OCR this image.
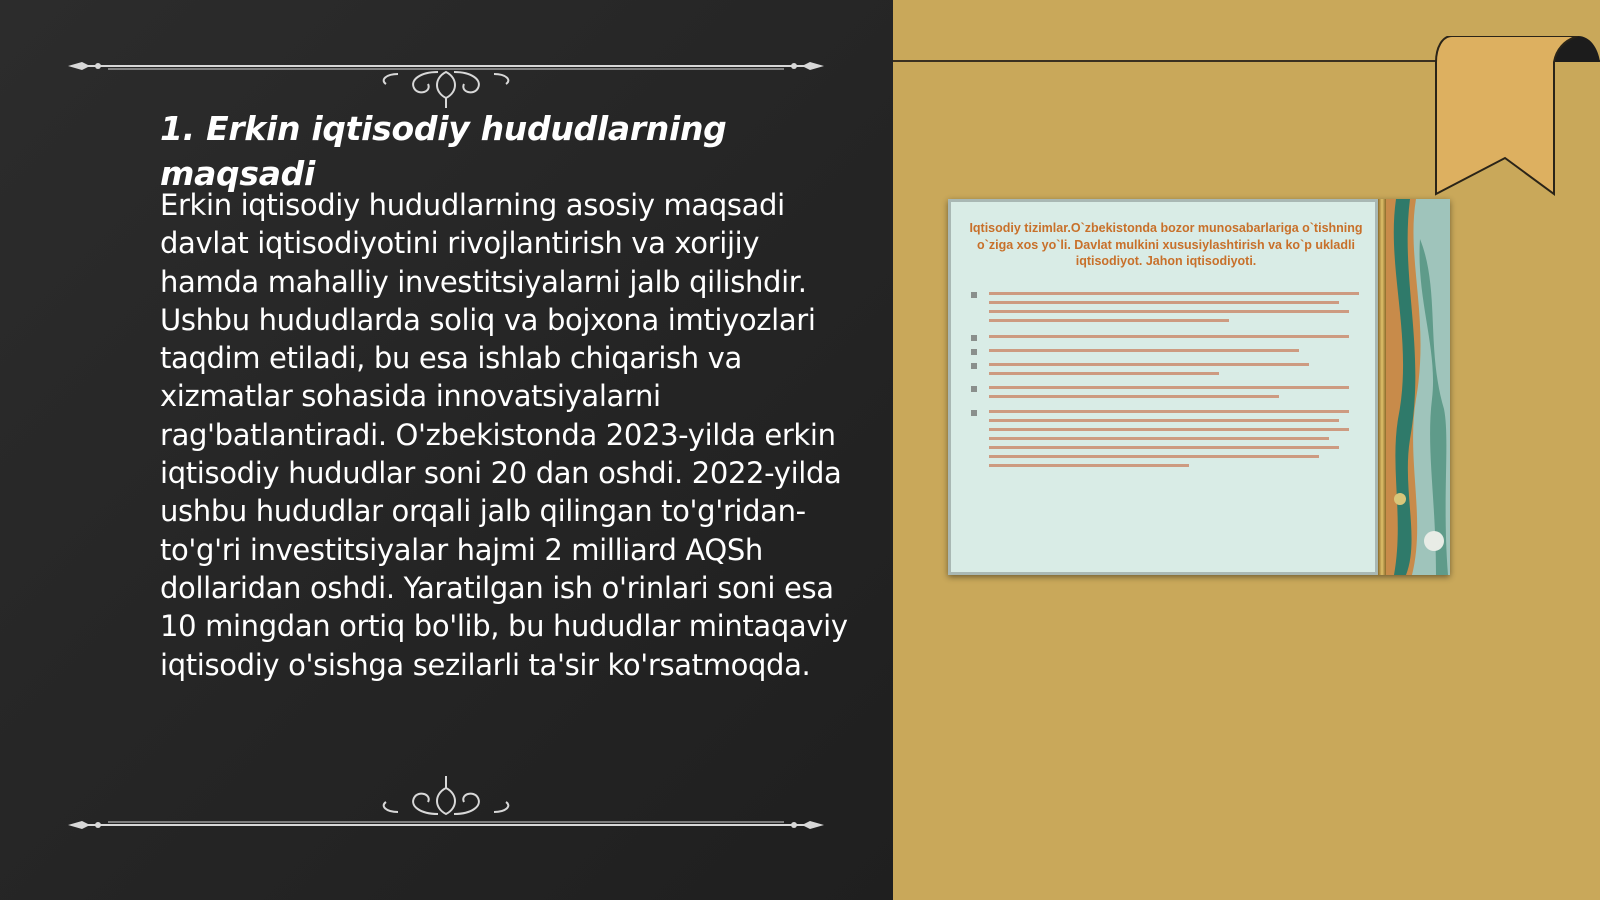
1. Erkin iqtisodiy hududlarning maqsadi

Erkin iqtisodiy hududlarning asosiy maqsadi davlat iqtisodiyotini rivojlantirish va xorijiy hamda mahalliy investitsiyalarni jalb qilishdir. Ushbu hududlarda soliq va bojxona imtiyozlari taqdim etiladi, bu esa ishlab chiqarish va xizmatlar sohasida innovatsiyalarni rag'batlantiradi. O'zbekistonda 2023-yilda erkin iqtisodiy hududlar soni 20 dan oshdi. 2022-yilda ushbu hududlar orqali jalb qilingan to'g'ridan-to'g'ri investitsiyalar hajmi 2 milliard AQSh dollaridan oshdi. Yaratilgan ish o'rinlari soni esa 10 mingdan ortiq bo'lib, bu hududlar mintaqaviy iqtisodiy o'sishga sezilarli ta'sir ko'rsatmoqda.

Iqtisodiy tizimlar.O`zbekistonda bozor munosabarlariga o`tishning o`ziga xos yo`li. Davlat mulkini xususiylashtirish va ko`p ukladli iqtisodiyot. Jahon iqtisodiyoti.
